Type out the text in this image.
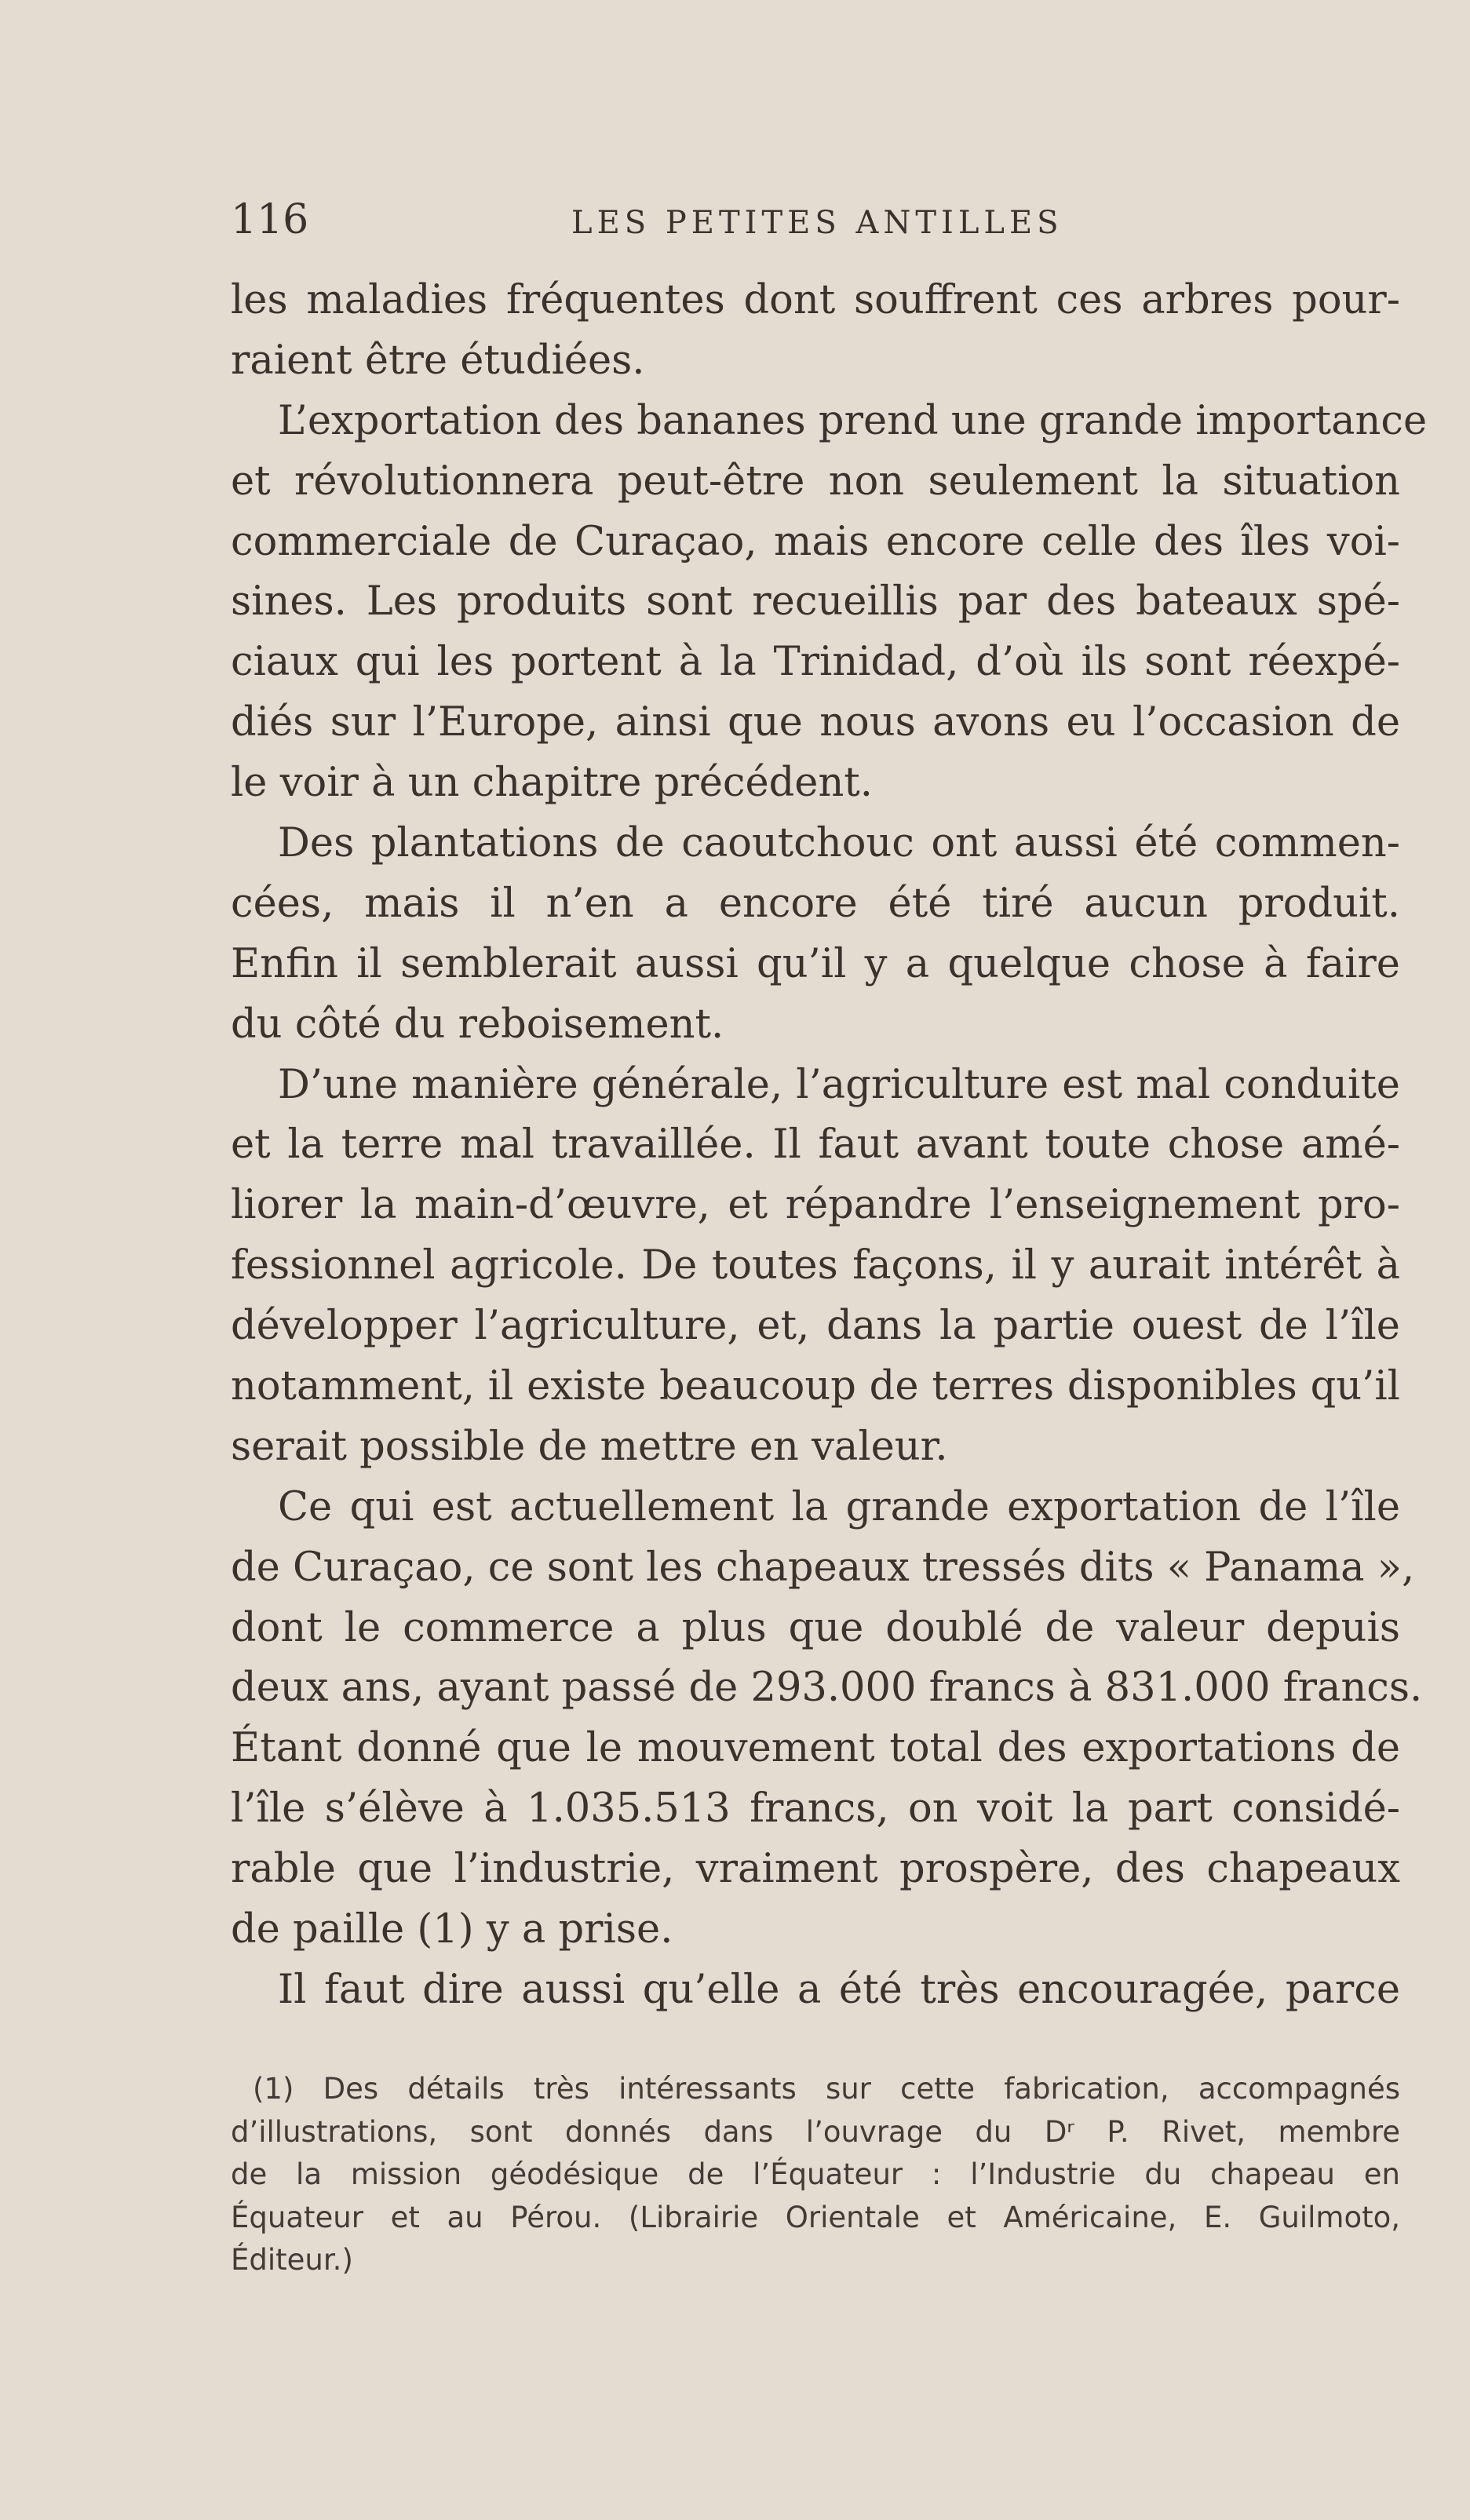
116	LES PETITES ANTILLES
les maladies fréquentes dont souffrent ces arbres pour-
raient être étudiées.
L’exportation des bananes prend une grande importance
et révolutionnera peut-être non seulement la situation
commerciale de Curaçao, mais encore celle des îles voi-
sines. Les produits sont recueillis par des bateaux spé-
ciaux qui les portent à la Trinidad, d’où ils sont réexpé-
diés sur l’Europe, ainsi que nous avons eu l’occasion de
le voir à un chapitre précédent.
Des plantations de caoutchouc ont aussi été commen-
cées, mais il n’en a encore été tiré aucun produit.
Enfin il semblerait aussi qu’il y a quelque chose à faire
du côté du reboisement.
D’une manière générale, l’agriculture est mal conduite
et la terre mal travaillée. Il faut avant toute chose amé-
liorer la main-d’œuvre, et répandre l’enseignement pro-
fessionnel agricole. De toutes façons, il y aurait intérêt à
développer l’agriculture, et, dans la partie ouest de l’île
notamment, il existe beaucoup de terres disponibles qu’il
serait possible de mettre en valeur.
Ce qui est actuellement la grande exportation de l’île
de Curaçao, ce sont les chapeaux tressés dits « Panama »,
dont le commerce a plus que doublé de valeur depuis
deux ans, ayant passé de 293.000 francs à 831.000 francs.
Étant donné que le mouvement total des exportations de
l’île s’élève à 1.035.513 francs, on voit la part considé-
rable que l’industrie, vraiment prospère, des chapeaux
de paille (1) y a prise.
Il faut dire aussi qu’elle a été très encouragée, parce
(1) Des détails très intéressants sur cette fabrication, accompagnés
d’illustrations, sont donnés dans l’ouvrage du Dʳ P. Rivet, membre
de la mission géodésique de l’Équateur : l’Industrie du chapeau en
Équateur et au Pérou. (Librairie Orientale et Américaine, E. Guilmoto,
Éditeur.)
